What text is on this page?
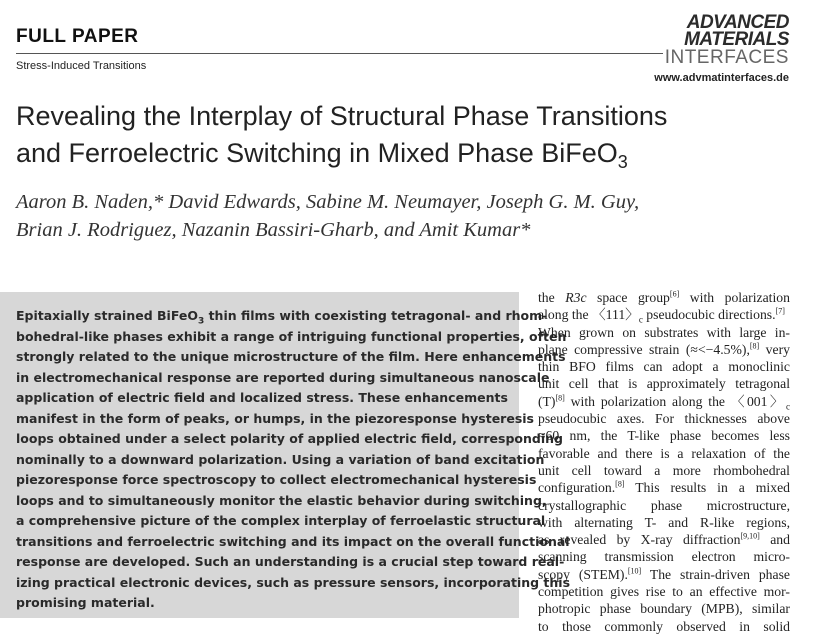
FULL PAPER
Stress-Induced Transitions
ADVANCED
MATERIALS
INTERFACES
www.advmatinterfaces.de
Revealing the Interplay of Structural Phase Transitions
and Ferroelectric Switching in Mixed Phase BiFeO$_3$
Aaron B. Naden,* David Edwards, Sabine M. Neumayer, Joseph G. M. Guy,
Brian J. Rodriguez, Nazanin Bassiri-Gharb, and Amit Kumar*
Epitaxially strained BiFeO$_3$ thin films with coexisting tetragonal- and rhom-
bohedral-like phases exhibit a range of intriguing functional properties, often
strongly related to the unique microstructure of the film. Here enhancements
in electromechanical response are reported during simultaneous nanoscale
application of electric field and localized stress. These enhancements
manifest in the form of peaks, or humps, in the piezoresponse hysteresis
loops obtained under a select polarity of applied electric field, corresponding
nominally to a downward polarization. Using a variation of band excitation
piezoresponse force spectroscopy to collect electromechanical hysteresis
loops and to simultaneously monitor the elastic behavior during switching,
a comprehensive picture of the complex interplay of ferroelastic structural
transitions and ferroelectric switching and its impact on the overall functional
response are developed. Such an understanding is a crucial step toward real-
izing practical electronic devices, such as pressure sensors, incorporating this
promising material.
the R3c space group[6] with polarization
along the 〈111〉$_c$ pseudocubic directions.[7]
When grown on substrates with large in-
plane compressive strain (≈<−4.5%),[8] very
thin BFO films can adopt a monoclinic
unit cell that is approximately tetragonal
(T)[8] with polarization along the 〈001〉$_c$
pseudocubic axes. For thicknesses above
≈60 nm, the T-like phase becomes less
favorable and there is a relaxation of the
unit cell toward a more rhombohedral
configuration.[8] This results in a mixed
crystallographic phase microstructure,
with alternating T- and R-like regions,
as revealed by X-ray diffraction[9,10] and
scanning transmission electron micro-
scopy (STEM).[10] The strain-driven phase
competition gives rise to an effective mor-
photropic phase boundary (MPB), similar
to those commonly observed in solid
